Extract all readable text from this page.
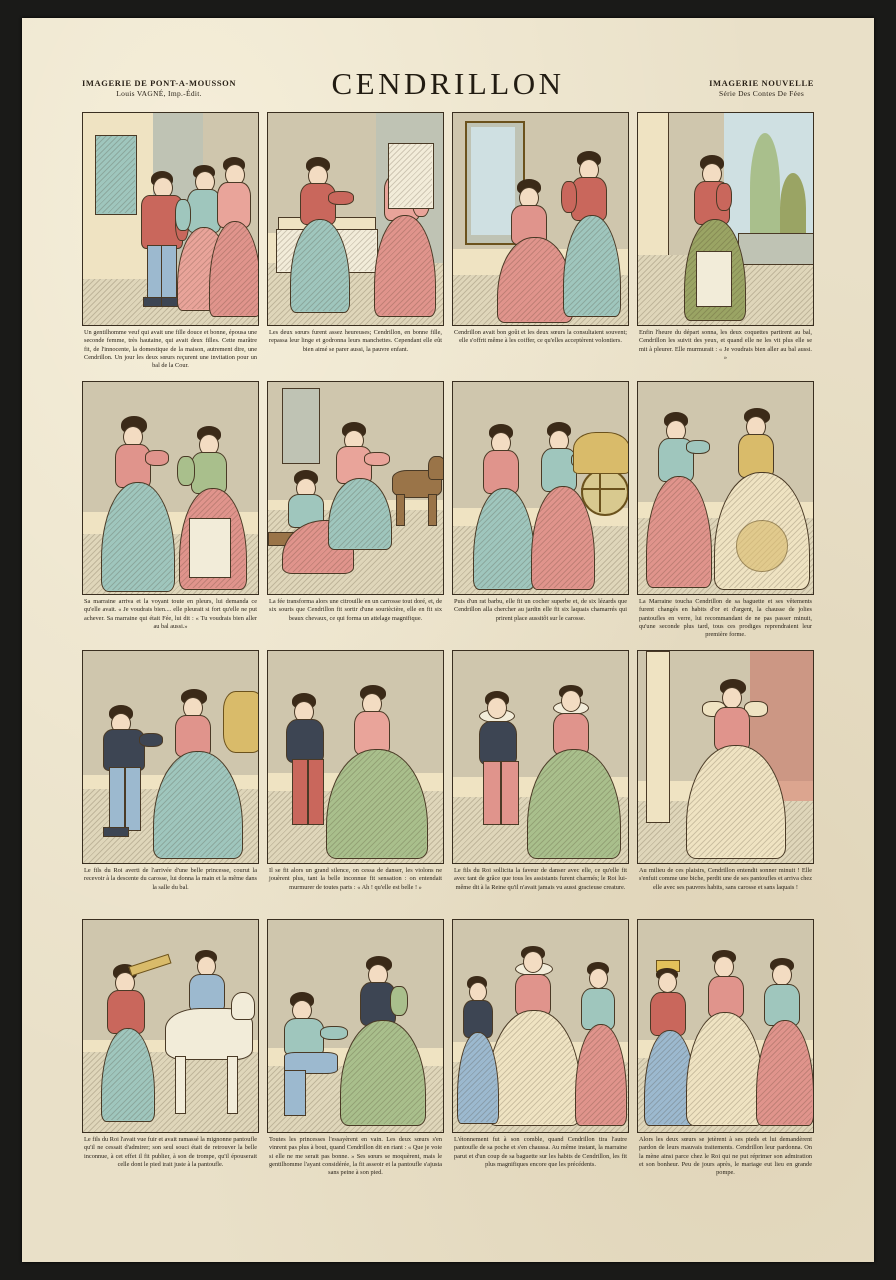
IMAGERIE DE PONT-A-MOUSSON
Louis VAGNÉ, Imp.-Édit.	CENDRILLON	IMAGERIE NOUVELLE
Série Des Contes De Fées
Un gentilhomme veuf qui avait une fille douce et bonne, épousa une seconde femme, très hautaine, qui avait deux filles. Cette marâtre fit, de l'innocente, la domestique de la maison, autrement dire, une Cendrillon. Un jour les deux sœurs reçurent une invitation pour un bal de la Cour.
Les deux sœurs furent assez heureuses; Cendrillon, en bonne fille, repassa leur linge et godronna leurs manchettes. Cependant elle eût bien aimé se parer aussi, la pauvre enfant.
Cendrillon avait bon goût et les deux sœurs la consultaient souvent; elle s'offrit même à les coiffer, ce qu'elles acceptèrent volontiers.
Enfin l'heure du départ sonna, les deux coquettes partirent au bal, Cendrillon les suivit des yeux, et quand elle ne les vit plus elle se mit à pleurer. Elle murmurait : « Je voudrais bien aller au bal aussi. »
Sa marraine arriva et la voyant toute en pleurs, lui demanda ce qu'elle avait. « Je voudrais bien.... elle pleurait si fort qu'elle ne put achever. Sa marraine qui était Fée, lui dit : « Tu voudrais bien aller au bal aussi.»
La fée transforma alors une citrouille en un carrosse tout doré, et, de six souris que Cendrillon fit sortir d'une souriècière, elle en fit six beaux chevaux, ce qui forma un attelage magnifique.
Puis d'un rat barbu, elle fit un cocher superbe et, de six lézards que Cendrillon alla chercher au jardin elle fit six laquais chamarrés qui prirent place aussitôt sur le carosse.
La Marraine toucha Cendrillon de sa baguette et ses vêtements furent changés en habits d'or et d'argent, la chausse de jolies pantoufles en verre, lui recommandant de ne pas passer minuit, qu'une seconde plus tard, tous ces prodiges reprendraient leur première forme.
Le fils du Roi averti de l'arrivée d'une belle princesse, courut la recevoir à la descente du carosse, lui donna la main et la même dans la salle du bal.
Il se fit alors un grand silence, on cessa de danser, les violons ne jouèrent plus, tant la belle inconnue fit sensation : on entendait murmurer de toutes parts : « Ah ! qu'elle est belle ! »
Le fils du Roi sollicita la faveur de danser avec elle, ce qu'elle fit avec tant de grâce que tous les assistants furent charmés; le Roi lui-même dit à la Reine qu'il n'avait jamais vu aussi gracieuse creature.
Au milieu de ces plaisirs, Cendrillon entendit sonner minuit ! Elle s'enfuit comme une biche, perdit une de ses pantoufles et arriva chez elle avec ses pauvres habits, sans carosse et sans laquais !
Le fils du Roi l'avait vue fuir et avait ramassé la mignonne pantoufle qu'il ne cessait d'admirer; son seul souci était de retrouver la belle inconnue, à cet effet il fit publier, à son de trompe, qu'il épouserait celle dont le pied irait juste à la pantoufle.
Toutes les princesses l'essayèrent en vain. Les deux sœurs s'en vinrent pas plus à bout, quand Cendrillon dit en riant : « Que je voie si elle ne me serait pas bonne. » Ses sœurs se moquèrent, mais le gentilhomme l'ayant considérée, la fit asseoir et la pantoufle s'ajusta sans peine à son pied.
L'étonnement fut à son comble, quand Cendrillon tira l'autre pantoufle de sa poche et s'en chaussa. Au même instant, la marraine parut et d'un coup de sa baguette sur les habits de Cendrillon, les fit plus magnifiques encore que les précédents.
Alors les deux sœurs se jetèrent à ses pieds et lui demandèrent pardon de leurs mauvais traitements. Cendrillon leur pardonna. On la mène ainsi parce chez le Roi qui ne put réprimer son admiration et son bonheur. Peu de jours après, le mariage eut lieu en grande pompe.
